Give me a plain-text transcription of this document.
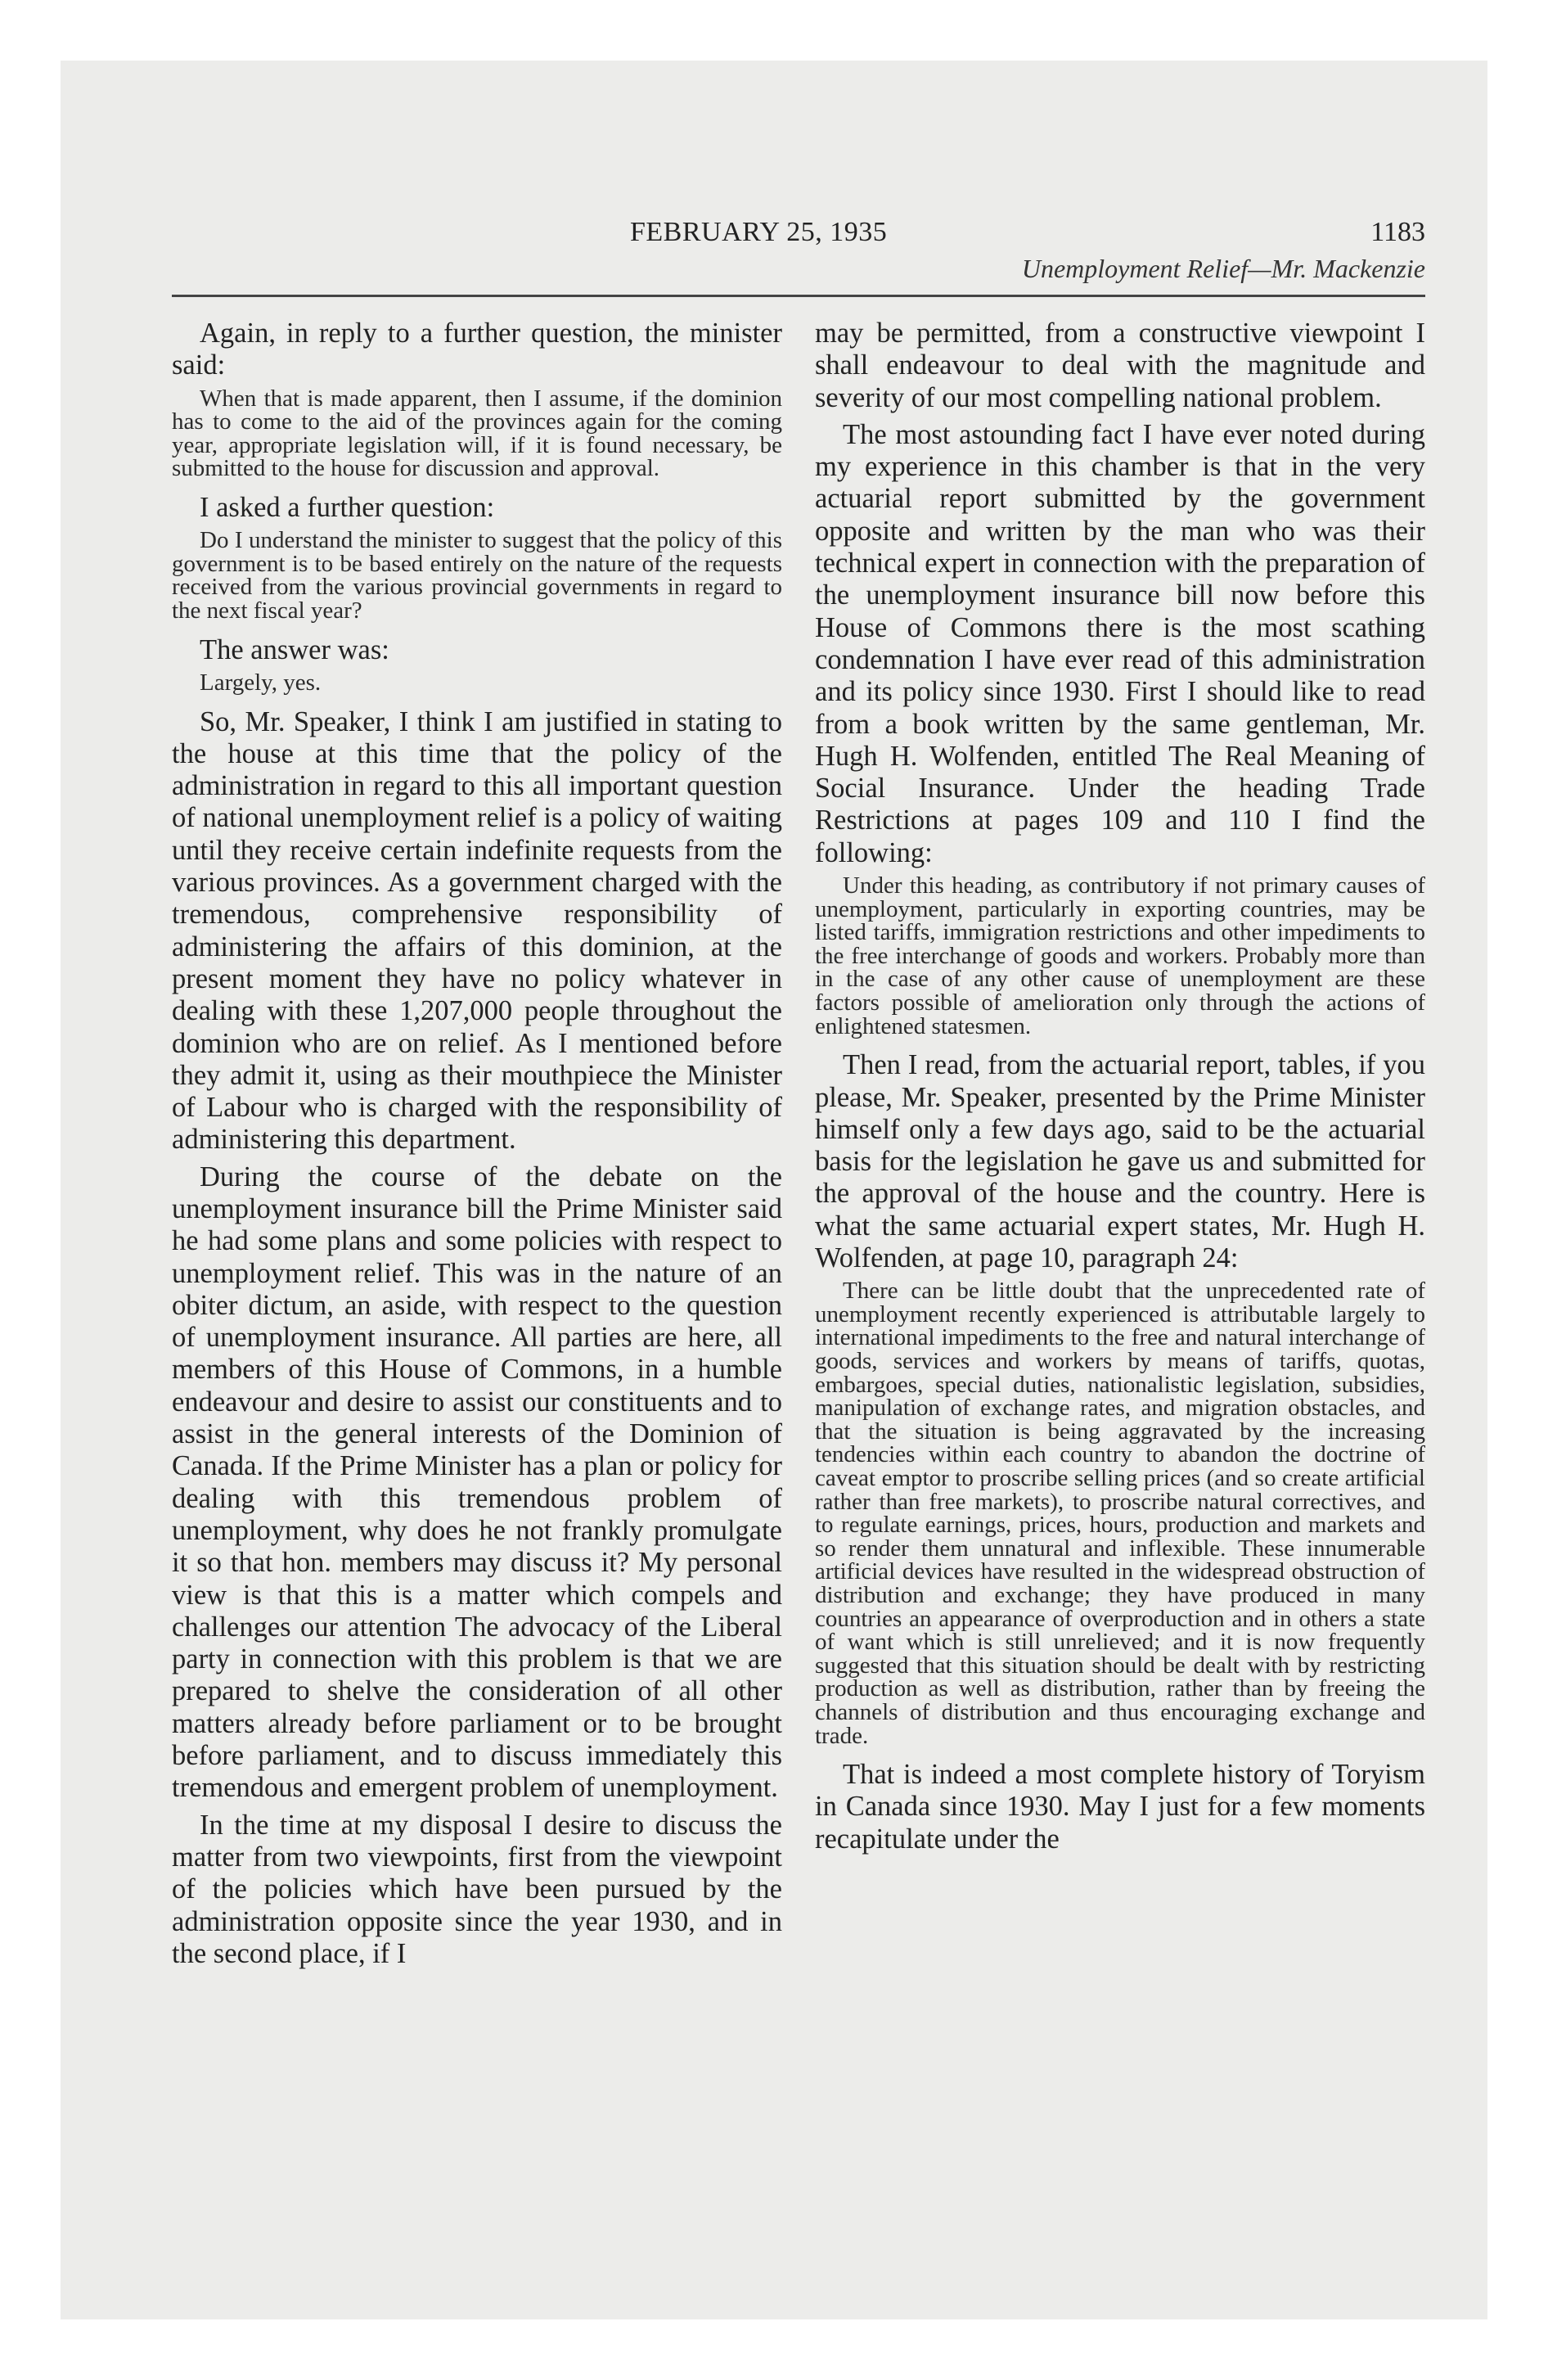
FEBRUARY 25, 1935	1183
Unemployment Relief—Mr. Mackenzie

Again, in reply to a further question, the minister said:

When that is made apparent, then I assume, if the dominion has to come to the aid of the provinces again for the coming year, appropriate legislation will, if it is found necessary, be submitted to the house for discussion and approval.

I asked a further question:

Do I understand the minister to suggest that the policy of this government is to be based entirely on the nature of the requests received from the various provincial governments in regard to the next fiscal year?

The answer was:

Largely, yes.

So, Mr. Speaker, I think I am justified in stating to the house at this time that the policy of the administration in regard to this all important question of national unemployment relief is a policy of waiting until they receive certain indefinite requests from the various provinces. As a government charged with the tremendous, comprehensive responsibility of administering the affairs of this dominion, at the present moment they have no policy whatever in dealing with these 1,207,000 people throughout the dominion who are on relief. As I mentioned before they admit it, using as their mouthpiece the Minister of Labour who is charged with the responsibility of administering this department.

During the course of the debate on the unemployment insurance bill the Prime Minister said he had some plans and some policies with respect to unemployment relief. This was in the nature of an obiter dictum, an aside, with respect to the question of unemployment insurance. All parties are here, all members of this House of Commons, in a humble endeavour and desire to assist our constituents and to assist in the general interests of the Dominion of Canada. If the Prime Minister has a plan or policy for dealing with this tremendous problem of unemployment, why does he not frankly promulgate it so that hon. members may discuss it? My personal view is that this is a matter which compels and challenges our attention The advocacy of the Liberal party in connection with this problem is that we are prepared to shelve the consideration of all other matters already before parliament or to be brought before parliament, and to discuss immediately this tremendous and emergent problem of unemployment.

In the time at my disposal I desire to discuss the matter from two viewpoints, first from the viewpoint of the policies which have been pursued by the administration opposite since the year 1930, and in the second place, if I

may be permitted, from a constructive viewpoint I shall endeavour to deal with the magnitude and severity of our most compelling national problem.

The most astounding fact I have ever noted during my experience in this chamber is that in the very actuarial report submitted by the government opposite and written by the man who was their technical expert in connection with the preparation of the unemployment insurance bill now before this House of Commons there is the most scathing condemnation I have ever read of this administration and its policy since 1930. First I should like to read from a book written by the same gentleman, Mr. Hugh H. Wolfenden, entitled The Real Meaning of Social Insurance. Under the heading Trade Restrictions at pages 109 and 110 I find the following:

Under this heading, as contributory if not primary causes of unemployment, particularly in exporting countries, may be listed tariffs, immigration restrictions and other impediments to the free interchange of goods and workers. Probably more than in the case of any other cause of unemployment are these factors possible of amelioration only through the actions of enlightened statesmen.

Then I read, from the actuarial report, tables, if you please, Mr. Speaker, presented by the Prime Minister himself only a few days ago, said to be the actuarial basis for the legislation he gave us and submitted for the approval of the house and the country. Here is what the same actuarial expert states, Mr. Hugh H. Wolfenden, at page 10, paragraph 24:

There can be little doubt that the unprecedented rate of unemployment recently experienced is attributable largely to international impediments to the free and natural interchange of goods, services and workers by means of tariffs, quotas, embargoes, special duties, nationalistic legislation, subsidies, manipulation of exchange rates, and migration obstacles, and that the situation is being aggravated by the increasing tendencies within each country to abandon the doctrine of caveat emptor to proscribe selling prices (and so create artificial rather than free markets), to proscribe natural correctives, and to regulate earnings, prices, hours, production and markets and so render them unnatural and inflexible. These innumerable artificial devices have resulted in the widespread obstruction of distribution and exchange; they have produced in many countries an appearance of overproduction and in others a state of want which is still unrelieved; and it is now frequently suggested that this situation should be dealt with by restricting production as well as distribution, rather than by freeing the channels of distribution and thus encouraging exchange and trade.

That is indeed a most complete history of Toryism in Canada since 1930. May I just for a few moments recapitulate under the
